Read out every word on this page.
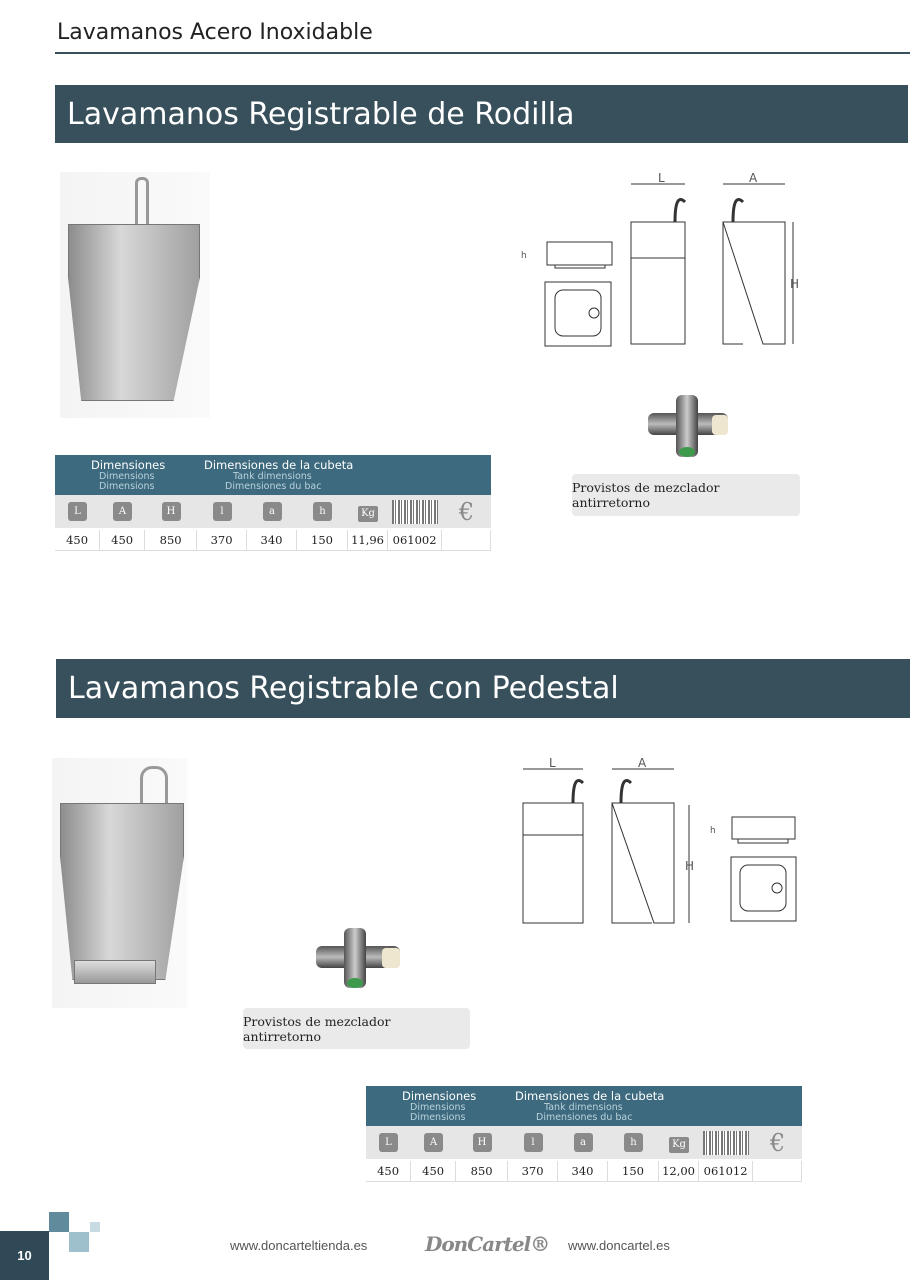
Lavamanos Acero Inoxidable
Lavamanos Registrable de Rodilla
L	A
H
h
Provistos de mezclador antirretorno
Dimensiones
Dimensions
Dimensions
Dimensiones de la cubeta
Tank dimensions
Dimensiones du bac
L	A	H	l	a	h	Kg	€
450	450	850	370	340	150	11,96 061002
Lavamanos Registrable con Pedestal
L	A
H
h
Provistos de mezclador antirretorno
Dimensiones
Dimensions
Dimensions
Dimensiones de la cubeta
Tank dimensions
Dimensiones du bac
L	A	H	l	a	h	Kg	€
450	450	850	370	340	150	12,00 061012
10
www.doncarteltienda.es	DonCartel® www.doncartel.es
